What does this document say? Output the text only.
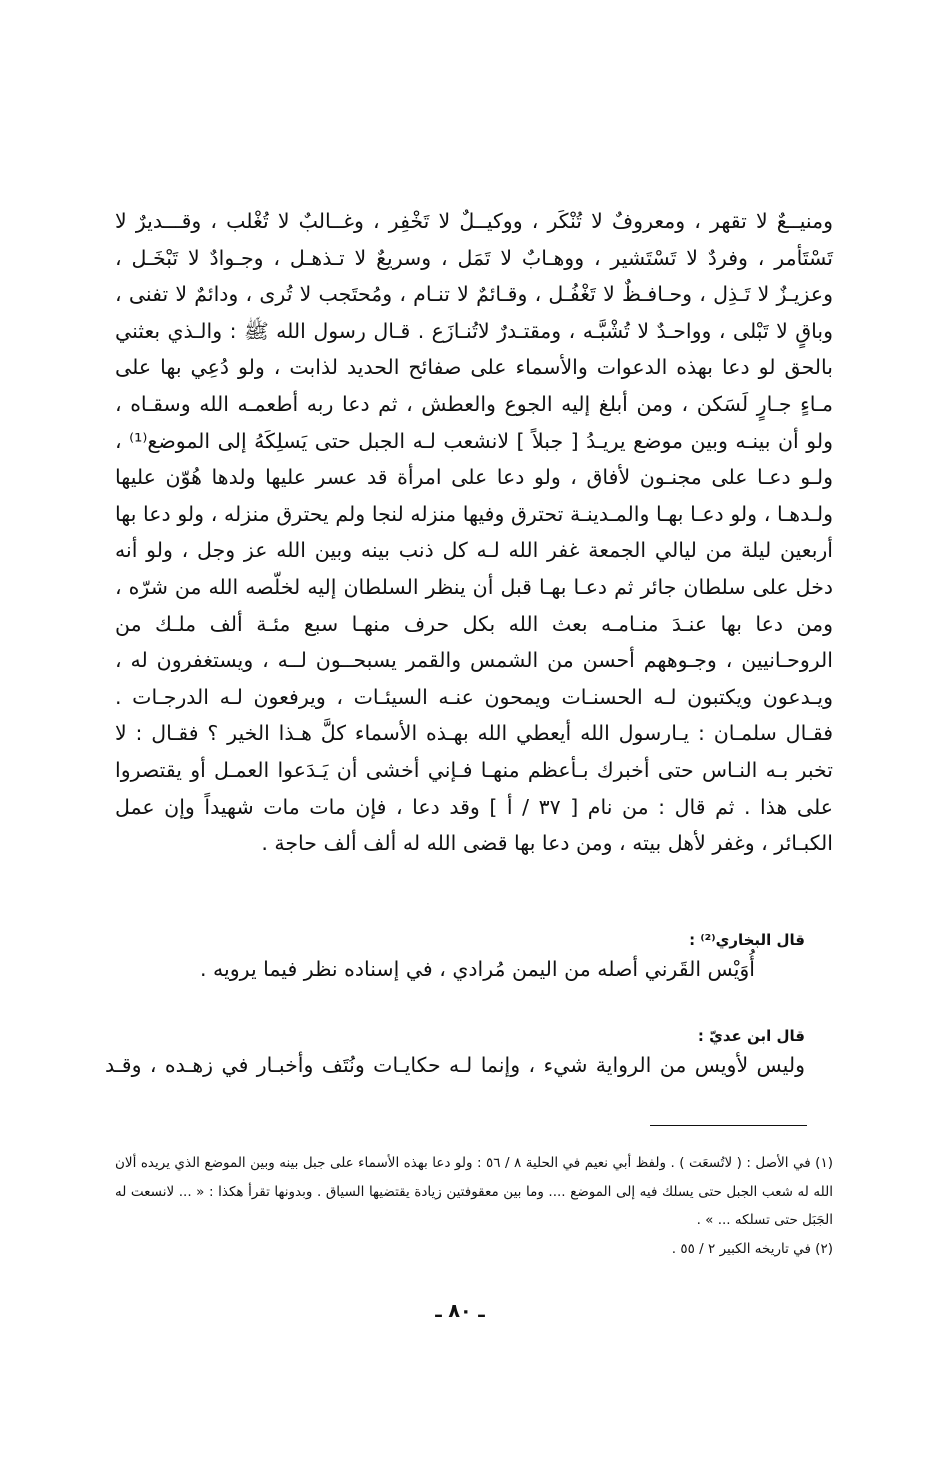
ومنيــعٌ لا تقهر ، ومعروفٌ لا تُنْكَر ، ووكيــلٌ لا تَخْفِر ، وغــالبٌ لا تُغْلب ، وقـــديرٌ لا تَسْتَأمر ، وفردٌ لا تَسْتَشير ، ووهـابٌ لا تَمَل ، وسريعٌ لا تـذهـل ، وجـوادٌ لا تَبْخَـل ، وعزيـزٌ لا تَـذِل ، وحـافـظٌ لا تَغْفُـل ، وقـائمٌ لا تنـام ، ومُحتَجب لا تُرى ، ودائمٌ لا تفنى ، وباقٍ لا تَبْلى ، وواحـدٌ لا تُشْبَّـه ، ومقتـدرٌ لاتُنـازَع . قـال رسول الله ﷺ : والـذي بعثني بالحق لو دعا بهذه الدعوات والأسماء على صفائح الحديد لذابت ، ولو دُعِي بها على مـاءٍ جـارٍ لَسَكن ، ومن أبلغ إليه الجوع والعطش ، ثم دعا ربه أطعمـه الله وسقـاه ، ولو أن بينـه وبين موضع يريـدُ [ جبلاً ] لانشعب لـه الجبل حتى يَسلِكَهُ إلى الموضع⁽¹⁾ ، ولـو دعـا على مجنـون لأفاق ، ولو دعا على امرأة قد عسر عليها ولدها هُوّن عليها ولـدهـا ، ولو دعـا بهـا والمـدينـة تحترق وفيها منزله لنجا ولم يحترق منزله ، ولو دعا بها أربعين ليلة من ليالي الجمعة غفر الله لـه كل ذنب بينه وبين الله عز وجل ، ولو أنه دخل على سلطان جائر ثم دعـا بهـا قبل أن ينظر السلطان إليه لخلّصه الله من شرّه ، ومن دعا بها عنـدَ منـامـه بعث الله بكل حرف منهـا سبع مئـة ألف ملـك من الروحـانيين ، وجـوههم أحسن من الشمس والقمر يسبحــون لــه ، ويستغفرون له ، ويـدعون ويكتبون لـه الحسنـات ويمحون عنـه السيئـات ، ويرفعون لـه الدرجـات . فقـال سلمـان : يـارسول الله أيعطي الله بهـذه الأسماء كلَّ هـذا الخير ؟ فقـال : لا تخبر بـه النـاس حتى أخبرك بـأعظم منهـا فـإني أخشى أن يَـدَعوا العمـل أو يقتصروا على هذا . ثم قال : من نام [ ٣٧ / أ ] وقد دعا ، فإن مات مات شهيداً وإن عمل الكبـائر ، وغفر لأهل بيته ، ومن دعا بها قضى الله له ألف ألف حاجة .

قال البخاري⁽²⁾ :

أُوَيْس القَرني أصله من اليمن مُرادي ، في إسناده نظر فيما يرويه .

قال ابن عديّ :

وليس لأويس من الرواية شيء ، وإنما لـه حكايـات ونُتَف وأخبـار في زهـده ، وقـد

(١) في الأصل : ( لاتُسعَت ) . ولفظ أبي نعيم في الحلية ٨ / ٥٦ : ولو دعا بهذه الأسماء على جبل بينه وبين الموضع الذي يريده ألان الله له شعب الجبل حتى يسلك فيه إلى الموضع .... وما بين معقوفتين زيادة يقتضيها السياق . وبدونها تقرأ هكذا : « ... لانسعت له الجَبَل حتى تسلكه ... » .

(٢) في تاريخه الكبير ٢ / ٥٥ .

ـ ٨٠ ـ
